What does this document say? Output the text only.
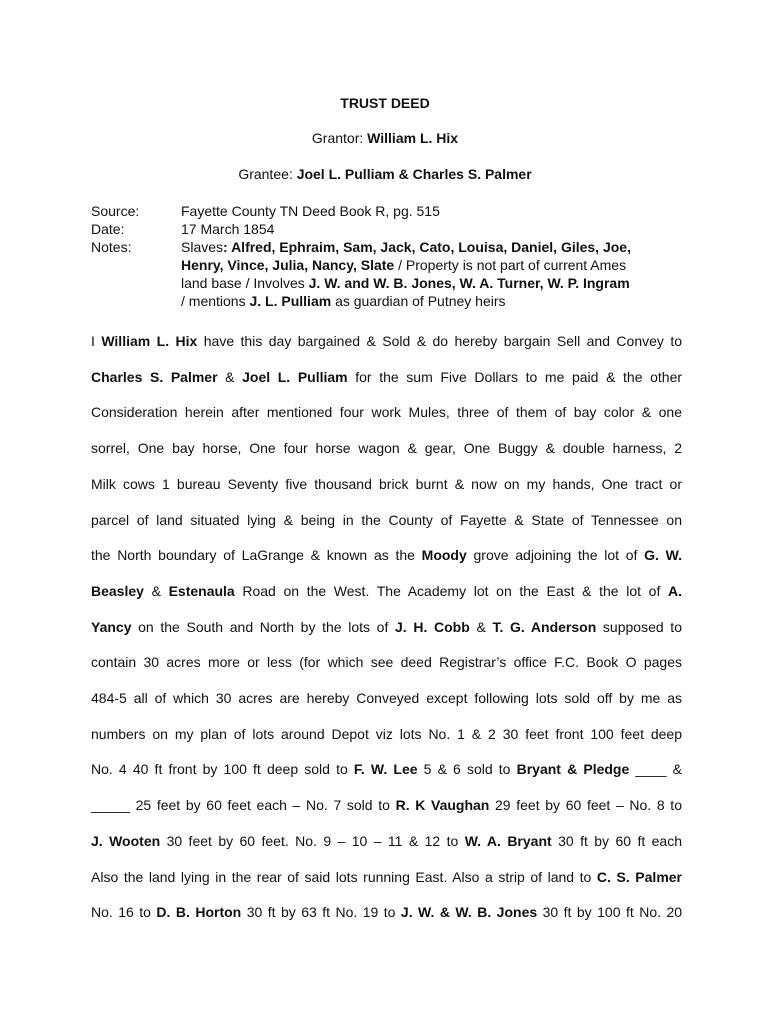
TRUST DEED
Grantor: William L. Hix
Grantee: Joel L. Pulliam & Charles S. Palmer
Source:	Fayette County TN Deed Book R, pg. 515
Date:	17 March 1854
Notes:	Slaves: Alfred, Ephraim, Sam, Jack, Cato, Louisa, Daniel, Giles, Joe,
Henry, Vince, Julia, Nancy, Slate / Property is not part of current Ames
land base / Involves J. W. and W. B. Jones, W. A. Turner, W. P. Ingram
/ mentions J. L. Pulliam as guardian of Putney heirs
I William L. Hix have this day bargained & Sold & do hereby bargain Sell and Convey to
Charles S. Palmer & Joel L. Pulliam for the sum Five Dollars to me paid & the other
Consideration herein after mentioned four work Mules, three of them of bay color & one
sorrel, One bay horse, One four horse wagon & gear, One Buggy & double harness, 2
Milk cows 1 bureau Seventy five thousand brick burnt & now on my hands, One tract or
parcel of land situated lying & being in the County of Fayette & State of Tennessee on
the North boundary of LaGrange & known as the Moody grove adjoining the lot of G. W.
Beasley & Estenaula Road on the West. The Academy lot on the East & the lot of A.
Yancy on the South and North by the lots of J. H. Cobb & T. G. Anderson supposed to
contain 30 acres more or less (for which see deed Registrar’s office F.C. Book O pages
484-5 all of which 30 acres are hereby Conveyed except following lots sold off by me as
numbers on my plan of lots around Depot viz lots No. 1 & 2 30 feet front 100 feet deep
No. 4 40 ft front by 100 ft deep sold to F. W. Lee 5 & 6 sold to Bryant & Pledge ____ &
_____ 25 feet by 60 feet each – No. 7 sold to R. K Vaughan 29 feet by 60 feet – No. 8 to
J. Wooten 30 feet by 60 feet. No. 9 – 10 – 11 & 12 to W. A. Bryant 30 ft by 60 ft each
Also the land lying in the rear of said lots running East. Also a strip of land to C. S. Palmer
No. 16 to D. B. Horton 30 ft by 63 ft No. 19 to J. W. & W. B. Jones 30 ft by 100 ft No. 20
